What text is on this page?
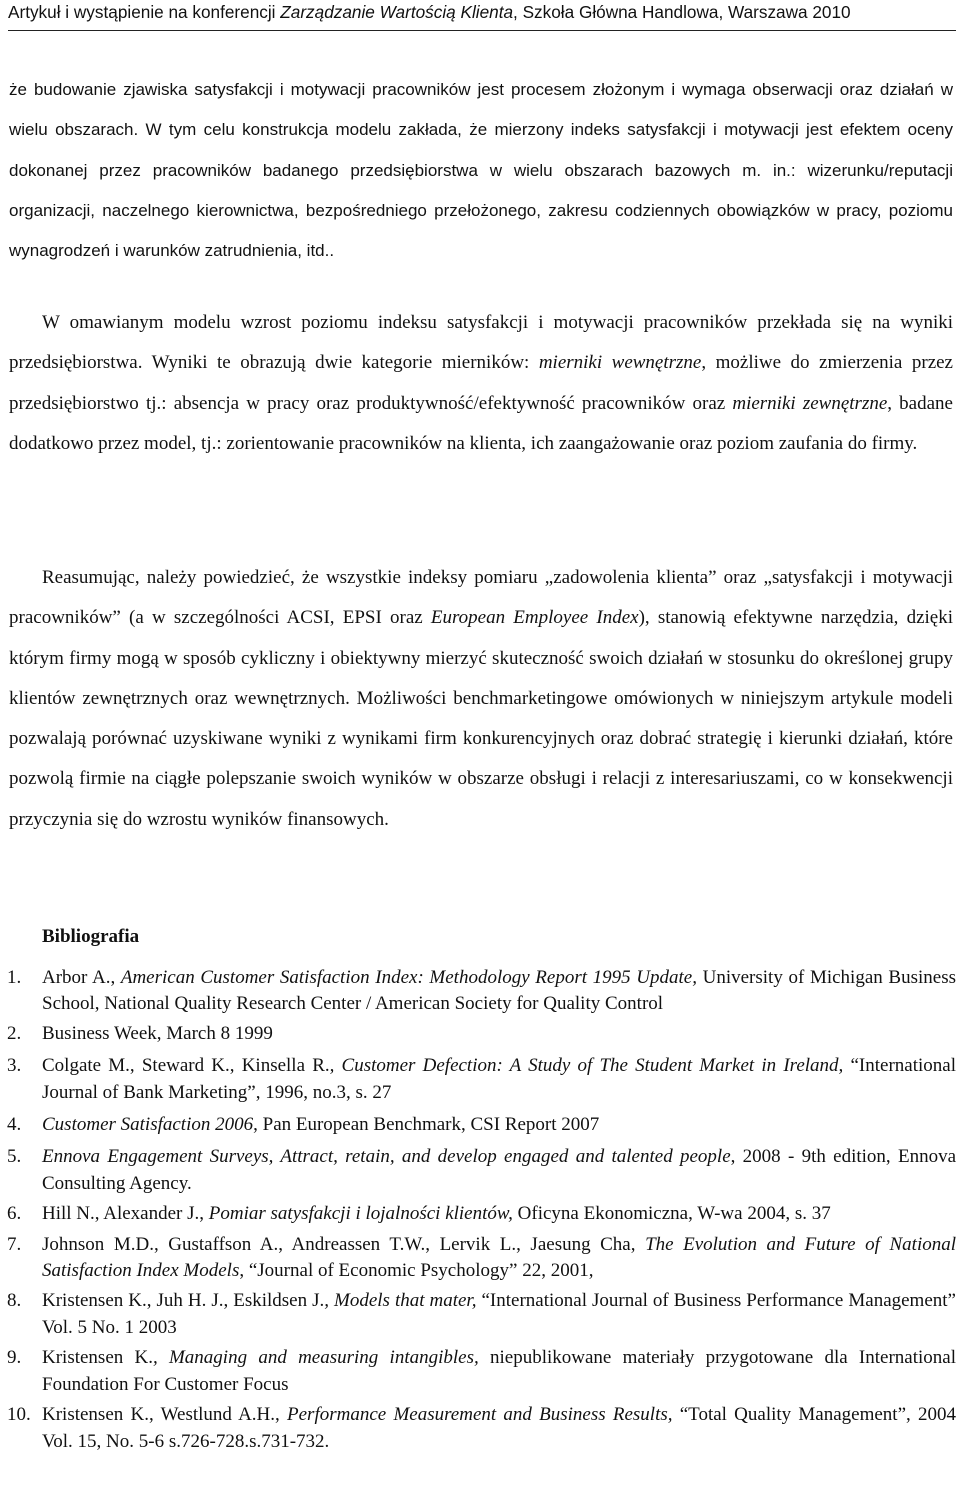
Artykuł i wystąpienie na konferencji Zarządzanie Wartością Klienta, Szkoła Główna Handlowa, Warszawa 2010

że budowanie zjawiska satysfakcji i motywacji pracowników jest procesem złożonym i wymaga obserwacji oraz działań w wielu obszarach. W tym celu konstrukcja modelu zakłada, że mierzony indeks satysfakcji i motywacji jest efektem oceny dokonanej przez pracowników badanego przedsiębiorstwa w wielu obszarach bazowych m. in.: wizerunku/reputacji organizacji, naczelnego kierownictwa, bezpośredniego przełożonego, zakresu codziennych obowiązków w pracy, poziomu wynagrodzeń i warunków zatrudnienia, itd..

W omawianym modelu wzrost poziomu indeksu satysfakcji i motywacji pracowników przekłada się na wyniki przedsiębiorstwa. Wyniki te obrazują dwie kategorie mierników: mierniki wewnętrzne, możliwe do zmierzenia przez przedsiębiorstwo tj.: absencja w pracy oraz produktywność/efektywność pracowników oraz mierniki zewnętrzne, badane dodatkowo przez model, tj.: zorientowanie pracowników na klienta, ich zaangażowanie oraz poziom zaufania do firmy.

Reasumując, należy powiedzieć, że wszystkie indeksy pomiaru „zadowolenia klienta” oraz „satysfakcji i motywacji pracowników” (a w szczególności ACSI, EPSI oraz European Employee Index), stanowią efektywne narzędzia, dzięki którym firmy mogą w sposób cykliczny i obiektywny mierzyć skuteczność swoich działań w stosunku do określonej grupy klientów zewnętrznych oraz wewnętrznych. Możliwości benchmarketingowe omówionych w niniejszym artykule modeli pozwalają porównać uzyskiwane wyniki z wynikami firm konkurencyjnych oraz dobrać strategię i kierunki działań, które pozwolą firmie na ciągłe polepszanie swoich wyników w obszarze obsługi i relacji z interesariuszami, co w konsekwencji przyczynia się do wzrostu wyników finansowych.

Bibliografia
1.	Arbor A., American Customer Satisfaction Index: Methodology Report 1995 Update, University of Michigan Business School, National Quality Research Center / American Society for Quality Control
2.	Business Week, March 8 1999
3.	Colgate M., Steward K., Kinsella R., Customer Defection: A Study of The Student Market in Ireland, “International Journal of Bank Marketing”, 1996, no.3, s. 27
4.	Customer Satisfaction 2006, Pan European Benchmark, CSI Report 2007
5.	Ennova Engagement Surveys, Attract, retain, and develop engaged and talented people, 2008 - 9th edition, Ennova Consulting Agency.
6.	Hill N., Alexander J., Pomiar satysfakcji i lojalności klientów, Oficyna Ekonomiczna, W-wa 2004, s. 37
7.	Johnson M.D., Gustaffson A., Andreassen T.W., Lervik L., Jaesung Cha, The Evolution and Future of National Satisfaction Index Models, “Journal of Economic Psychology” 22, 2001,
8.	Kristensen K., Juh H. J., Eskildsen J., Models that mater, “International Journal of Business Performance Management” Vol. 5 No. 1 2003
9.	Kristensen K., Managing and measuring intangibles, niepublikowane materiały przygotowane dla International Foundation For Customer Focus
10. Kristensen K., Westlund A.H., Performance Measurement and Business Results, “Total Quality Management”, 2004 Vol. 15, No. 5-6 s.726-728.s.731-732.
